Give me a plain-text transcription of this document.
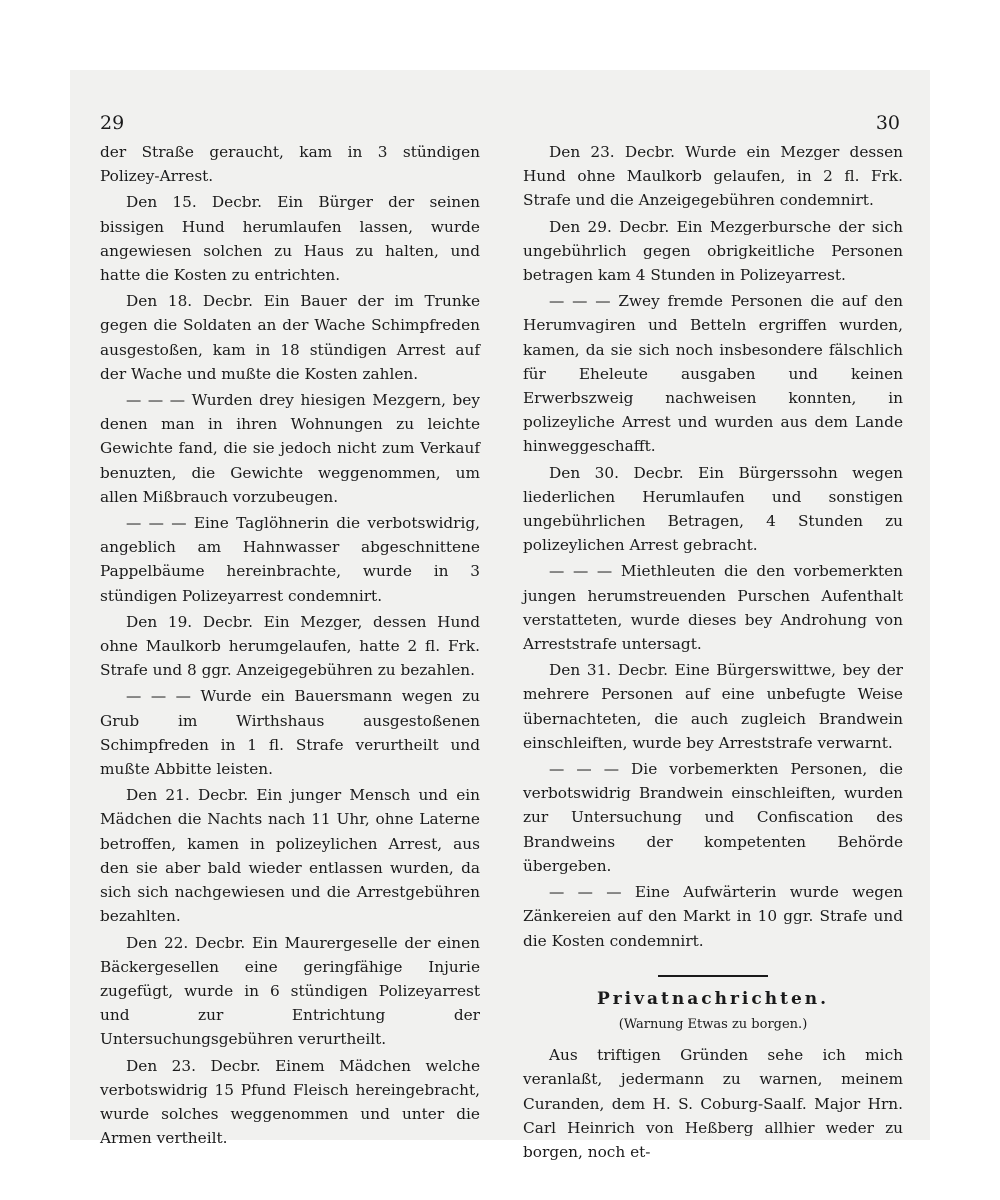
29	30

der Straße geraucht, kam in 3 stündigen Polizey-Arrest.

Den 15. Decbr. Ein Bürger der seinen bissigen Hund herumlaufen lassen, wurde angewiesen solchen zu Haus zu halten, und hatte die Kosten zu entrichten.

Den 18. Decbr. Ein Bauer der im Trunke gegen die Soldaten an der Wache Schimpfreden ausgestoßen, kam in 18 stündigen Arrest auf der Wache und mußte die Kosten zahlen.

— — — Wurden drey hiesigen Mezgern, bey denen man in ihren Wohnungen zu leichte Gewichte fand, die sie jedoch nicht zum Verkauf benuzten, die Gewichte weggenommen, um allen Mißbrauch vorzubeugen.

— — — Eine Taglöhnerin die verbotswidrig, angeblich am Hahnwasser abgeschnittene Pappelbäume hereinbrachte, wurde in 3 stündigen Polizeyarrest condemnirt.

Den 19. Decbr. Ein Mezger, dessen Hund ohne Maulkorb herumgelaufen, hatte 2 fl. Frk. Strafe und 8 ggr. Anzeigegebühren zu bezahlen.

— — — Wurde ein Bauersmann wegen zu Grub im Wirthshaus ausgestoßenen Schimpfreden in 1 fl. Strafe verurtheilt und mußte Abbitte leisten.

Den 21. Decbr. Ein junger Mensch und ein Mädchen die Nachts nach 11 Uhr, ohne Laterne betroffen, kamen in polizeylichen Arrest, aus den sie aber bald wieder entlassen wurden, da sich sich nachgewiesen und die Arrestgebühren bezahlten.

Den 22. Decbr. Ein Maurergeselle der einen Bäckergesellen eine geringfähige Injurie zugefügt, wurde in 6 stündigen Polizeyarrest und zur Entrichtung der Untersuchungsgebühren verurtheilt.

Den 23. Decbr. Einem Mädchen welche verbotswidrig 15 Pfund Fleisch hereingebracht, wurde solches weggenommen und unter die Armen vertheilt.

Den 23. Decbr. Wurde ein Mezger dessen Hund ohne Maulkorb gelaufen, in 2 fl. Frk. Strafe und die Anzeigegebühren condemnirt.

Den 29. Decbr. Ein Mezgerbursche der sich ungebührlich gegen obrigkeitliche Personen betragen kam 4 Stunden in Polizeyarrest.

— — — Zwey fremde Personen die auf den Herumvagiren und Betteln ergriffen wurden, kamen, da sie sich noch insbesondere fälschlich für Eheleute ausgaben und keinen Erwerbszweig nachweisen konnten, in polizeyliche Arrest und wurden aus dem Lande hinweggeschafft.

Den 30. Decbr. Ein Bürgerssohn wegen liederlichen Herumlaufen und sonstigen ungebührlichen Betragen, 4 Stunden zu polizeylichen Arrest gebracht.

— — — Miethleuten die den vorbemerkten jungen herumstreuenden Purschen Aufenthalt verstatteten, wurde dieses bey Androhung von Arreststrafe untersagt.

Den 31. Decbr. Eine Bürgerswittwe, bey der mehrere Personen auf eine unbefugte Weise übernachteten, die auch zugleich Brandwein einschleiften, wurde bey Arreststrafe verwarnt.

— — — Die vorbemerkten Personen, die verbotswidrig Brandwein einschleiften, wurden zur Untersuchung und Confiscation des Brandweins der kompetenten Behörde übergeben.

— — — Eine Aufwärterin wurde wegen Zänkereien auf den Markt in 10 ggr. Strafe und die Kosten condemnirt.

Privatnachrichten.
(Warnung Etwas zu borgen.)

Aus triftigen Gründen sehe ich mich veranlaßt, jedermann zu warnen, meinem Curanden, dem H. S. Coburg-Saalf. Major Hrn. Carl Heinrich von Heßberg allhier weder zu borgen, noch et-
